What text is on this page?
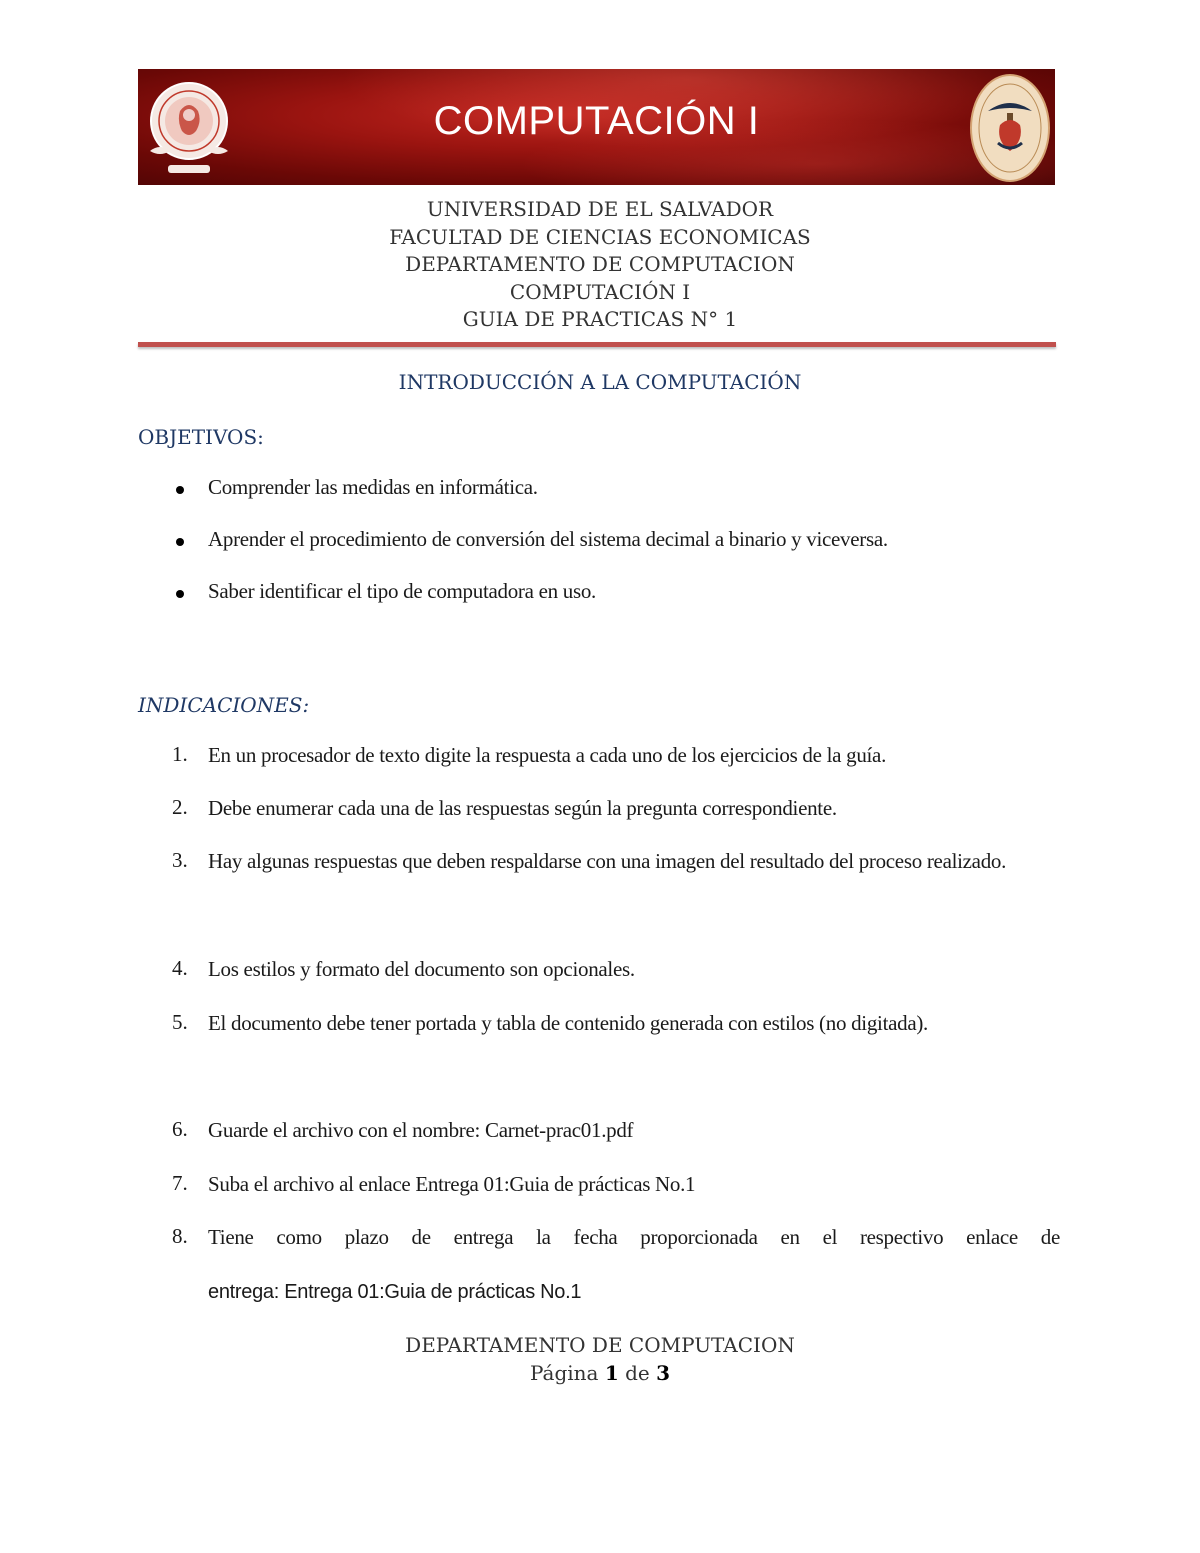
COMPUTACIÓN I
UNIVERSIDAD DE EL SALVADOR
FACULTAD DE CIENCIAS ECONOMICAS
DEPARTAMENTO DE COMPUTACION
COMPUTACIÓN I
GUIA DE PRACTICAS N° 1
INTRODUCCIÓN A LA COMPUTACIÓN
OBJETIVOS:
Comprender las medidas en informática.
Aprender el procedimiento de conversión del sistema decimal a binario y viceversa.
Saber identificar el tipo de computadora en uso.
INDICACIONES:
1. En un procesador de texto digite la respuesta a cada uno de los ejercicios de la guía.
2. Debe enumerar cada una de las respuestas según la pregunta correspondiente.
3. Hay algunas respuestas que deben respaldarse con una imagen del resultado del proceso realizado.
4. Los estilos y formato del documento son opcionales.
5. El documento debe tener portada y tabla de contenido generada con estilos (no digitada).
6. Guarde el archivo con el nombre: Carnet-prac01.pdf
7. Suba el archivo al enlace Entrega 01:Guia de prácticas No.1
8. Tiene como plazo de entrega la fecha proporcionada en el respectivo enlace de
entrega: Entrega 01:Guia de prácticas No.1
DEPARTAMENTO DE COMPUTACION
Página 1 de 3
